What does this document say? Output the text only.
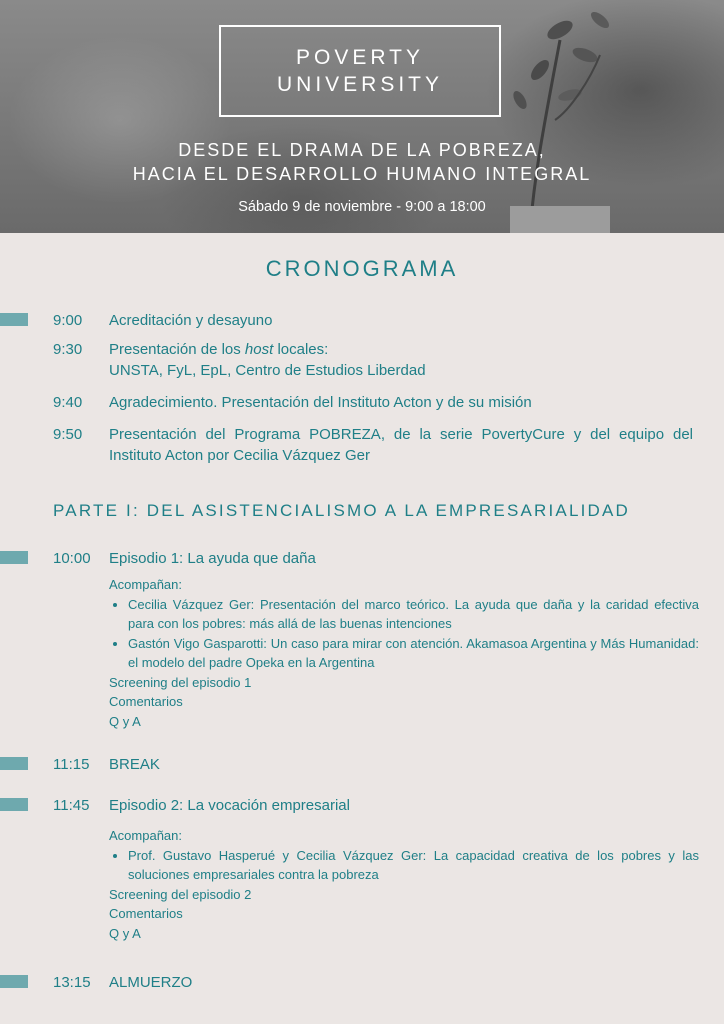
POVERTY
UNIVERSITY
DESDE EL DRAMA DE LA POBREZA,
HACIA EL DESARROLLO HUMANO INTEGRAL
Sábado 9 de noviembre - 9:00 a 18:00
CRONOGRAMA
9:00	Acreditación y desayuno
9:30	Presentación de los host locales:
UNSTA, FyL, EpL, Centro de Estudios Liberdad
9:40	Agradecimiento. Presentación del Instituto Acton y de su misión
9:50	Presentación del Programa POBREZA, de la serie PovertyCure y del equipo del Instituto Acton por Cecilia Vázquez Ger
PARTE I: DEL ASISTENCIALISMO A LA EMPRESARIALIDAD
10:00	Episodio 1: La ayuda que daña
Acompañan:
• Cecilia Vázquez Ger: Presentación del marco teórico. La ayuda que daña y la caridad efectiva para con los pobres: más allá de las buenas intenciones
• Gastón Vigo Gasparotti: Un caso para mirar con atención. Akamasoa Argentina y Más Humanidad: el modelo del padre Opeka en la Argentina
Screening del episodio 1
Comentarios
Q y A
11:15	BREAK
11:45	Episodio 2: La vocación empresarial
Acompañan:
• Prof. Gustavo Hasperué y Cecilia Vázquez Ger: La capacidad creativa de los pobres y las soluciones empresariales contra la pobreza
Screening del episodio 2
Comentarios
Q y A
13:15	ALMUERZO
